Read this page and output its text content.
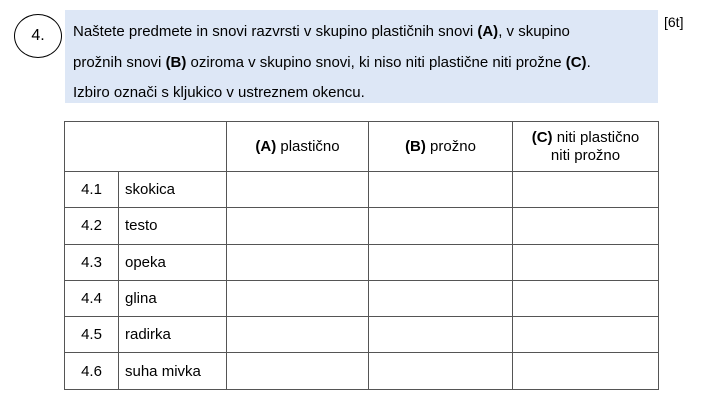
4. Naštete predmete in snovi razvrsti v skupino plastičnih snovi (A), v skupino

prožnih snovi (B) oziroma v skupino snovi, ki niso niti plastične niti prožne (C).

Izbiro označi s kljukico v ustreznem okencu.

[6t]
		(A) plastično	(B) prožno	(C) niti plastično
niti prožno
4.1	skokica			
4.2	testo			
4.3	opeka			
4.4	glina			
4.5	radirka			
4.6	suha mivka			
